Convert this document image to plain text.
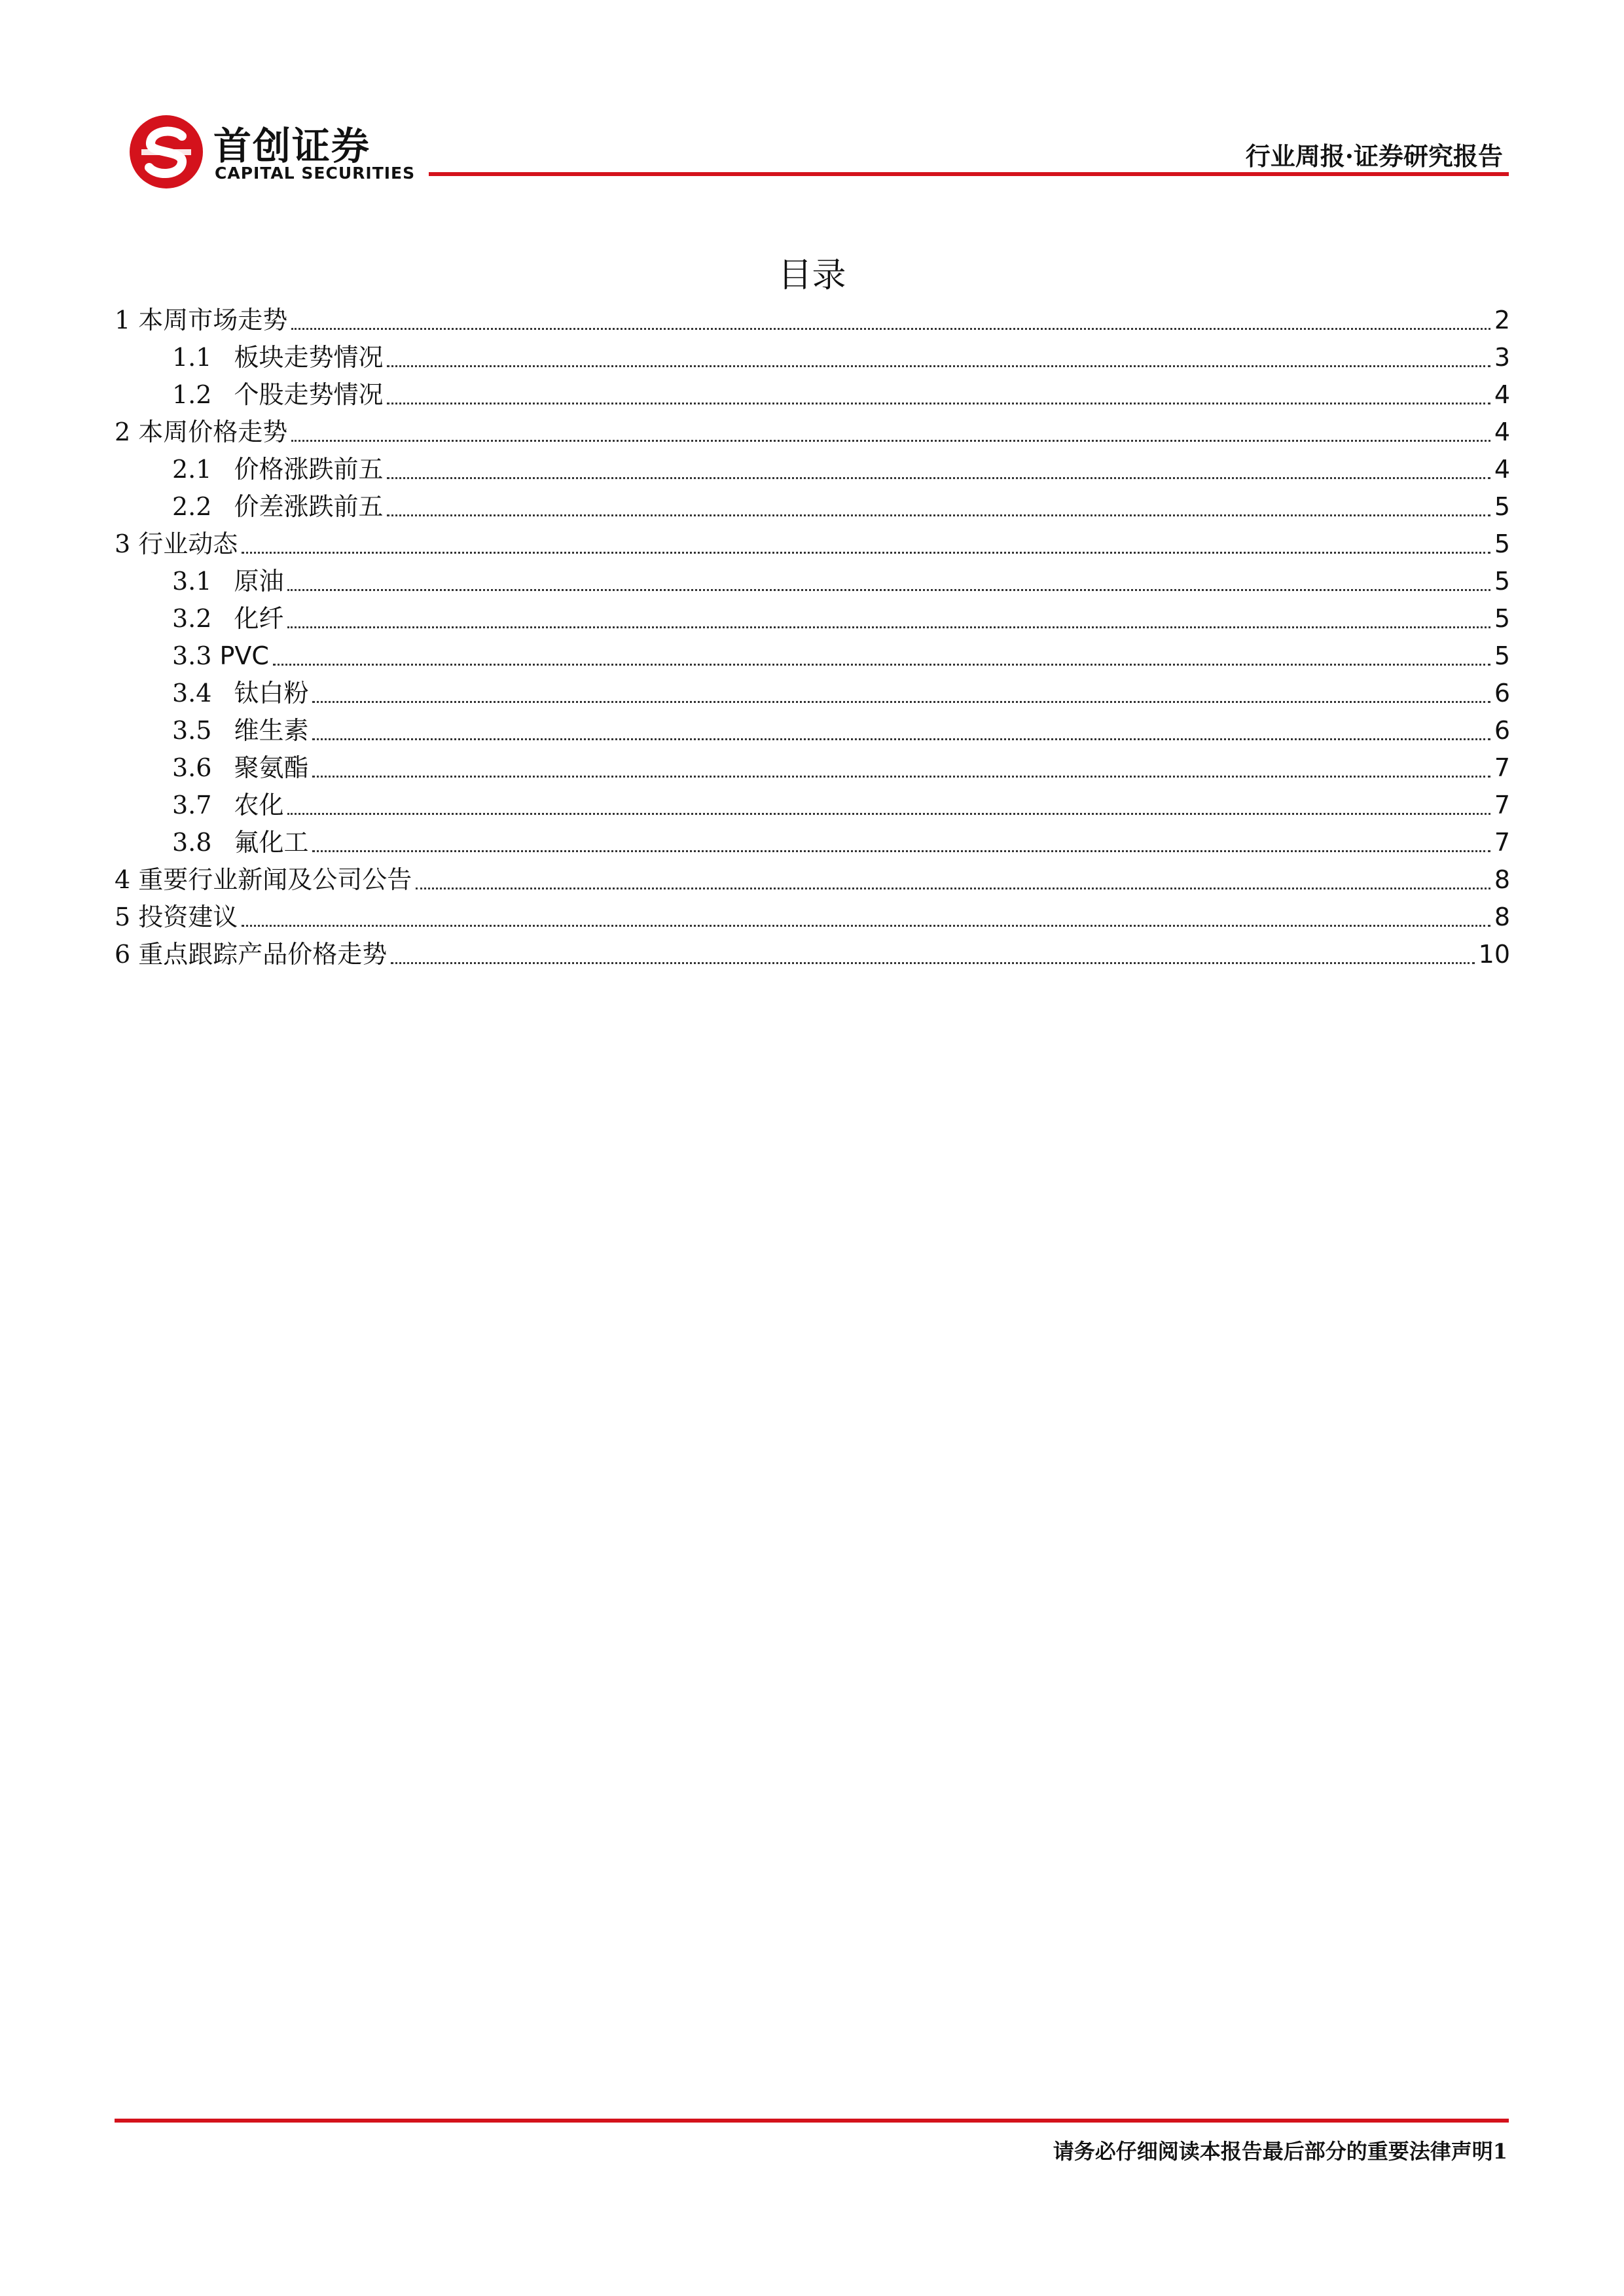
首创证券
CAPITAL SECURITIES
行业周报·证券研究报告
目录
1 本周市场走势	2
1.1 板块走势情况	3
1.2 个股走势情况	4
2 本周价格走势	4
2.1 价格涨跌前五	4
2.2 价差涨跌前五	5
3 行业动态	5
3.1 原油	5
3.2 化纤	5
3.3 PVC	5
3.4 钛白粉	6
3.5 维生素	6
3.6 聚氨酯	7
3.7 农化	7
3.8 氟化工	7
4 重要行业新闻及公司公告	8
5 投资建议	8
6 重点跟踪产品价格走势	10
请务必仔细阅读本报告最后部分的重要法律声明1
